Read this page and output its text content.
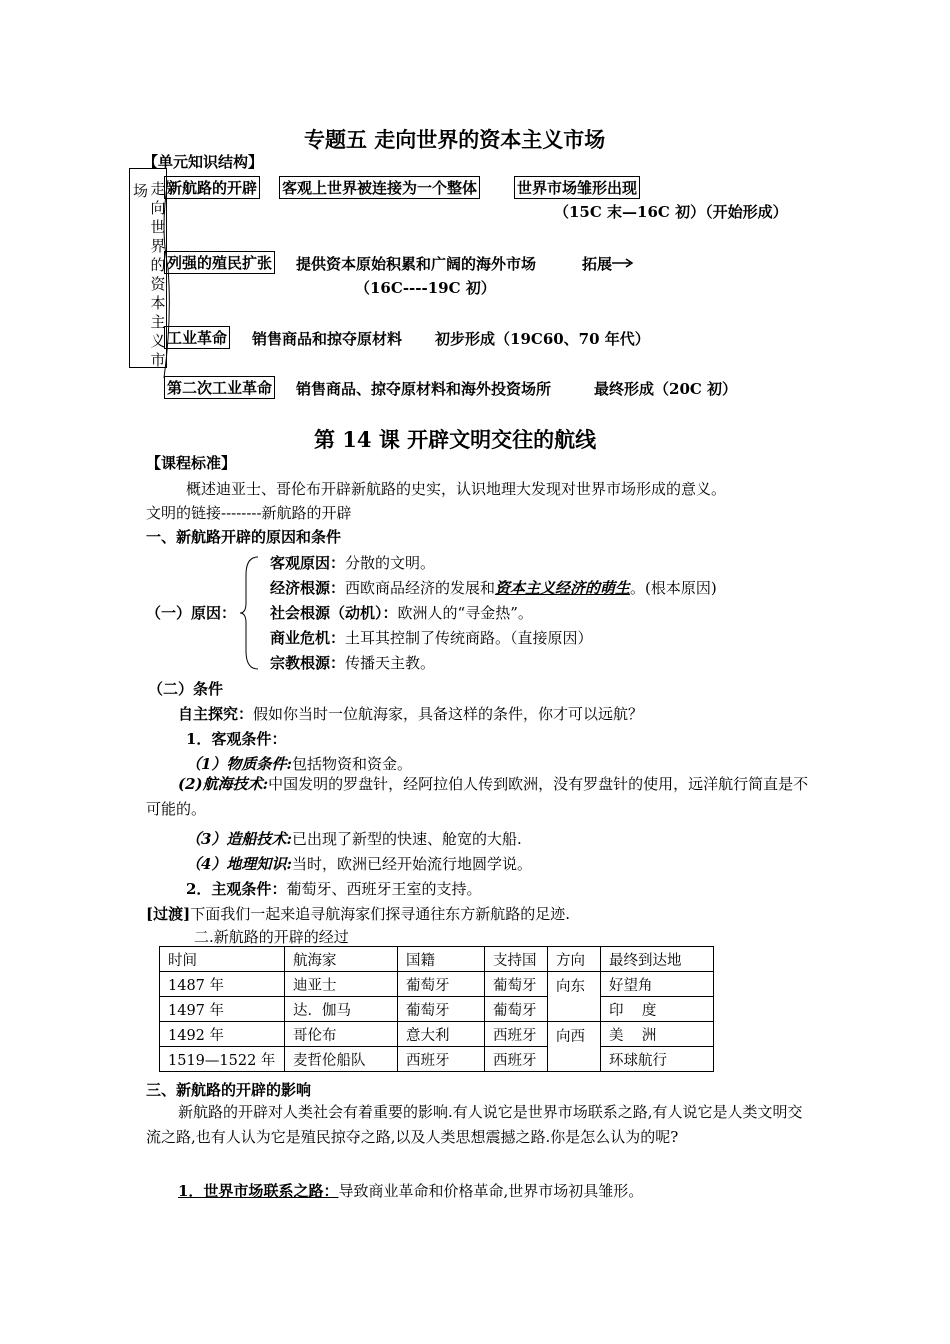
专题五 走向世界的资本主义市场
【单元知识结构】
场 走
向
世
界
的
资
本
主
义
市
新航路的开辟 客观上世界被连接为一个整体	世界市场雏形出现
（15C 末—16C 初）（开始形成）
列强的殖民扩张 提供资本原始积累和广阔的海外市场	拓展
（16C----19C 初）
工业革命 销售商品和掠夺原材料 初步形成（19C60、70 年代）
第二次工业革命 销售商品、掠夺原材料和海外投资场所	最终形成（20C 初）
第 14 课 开辟文明交往的航线
【课程标准】
概述迪亚士、哥伦布开辟新航路的史实，认识地理大发现对世界市场形成的意义。
文明的链接--------新航路的开辟
一、新航路开辟的原因和条件
（一）原因：
客观原因：分散的文明。
经济根源：西欧商品经济的发展和资本主义经济的萌生。(根本原因)
社会根源（动机）：欧洲人的“寻金热”。
商业危机：土耳其控制了传统商路。（直接原因）
宗教根源：传播天主教。
（二）条件
自主探究：假如你当时一位航海家，具备这样的条件，你才可以远航？
1．客观条件：
（1）物质条件:包括物资和资金。
(2)航海技术:中国发明的罗盘针，经阿拉伯人传到欧洲，没有罗盘针的使用，远洋航行简直是不可能的。
（3）造船技术:已出现了新型的快速、舱宽的大船.
（4）地理知识:当时，欧洲已经开始流行地圆学说。
2．主观条件：葡萄牙、西班牙王室的支持。
[过渡]下面我们一起来追寻航海家们探寻通往东方新航路的足迹.
二.新航路的开辟的经过
时间	航海家	国籍	支持国	方向	最终到达地
1487 年	迪亚士	葡萄牙	葡萄牙	向东	好望角
1497 年	达．伽马	葡萄牙	葡萄牙		印    度
1492 年	哥伦布	意大利	西班牙	向西	美    洲
1519—1522 年	麦哲伦船队	西班牙	西班牙		环球航行
三、新航路的开辟的影响
新航路的开辟对人类社会有着重要的影响.有人说它是世界市场联系之路,有人说它是人类文明交流之路,也有人认为它是殖民掠夺之路,以及人类思想震撼之路.你是怎么认为的呢?
1．世界市场联系之路：导致商业革命和价格革命,世界市场初具雏形。
